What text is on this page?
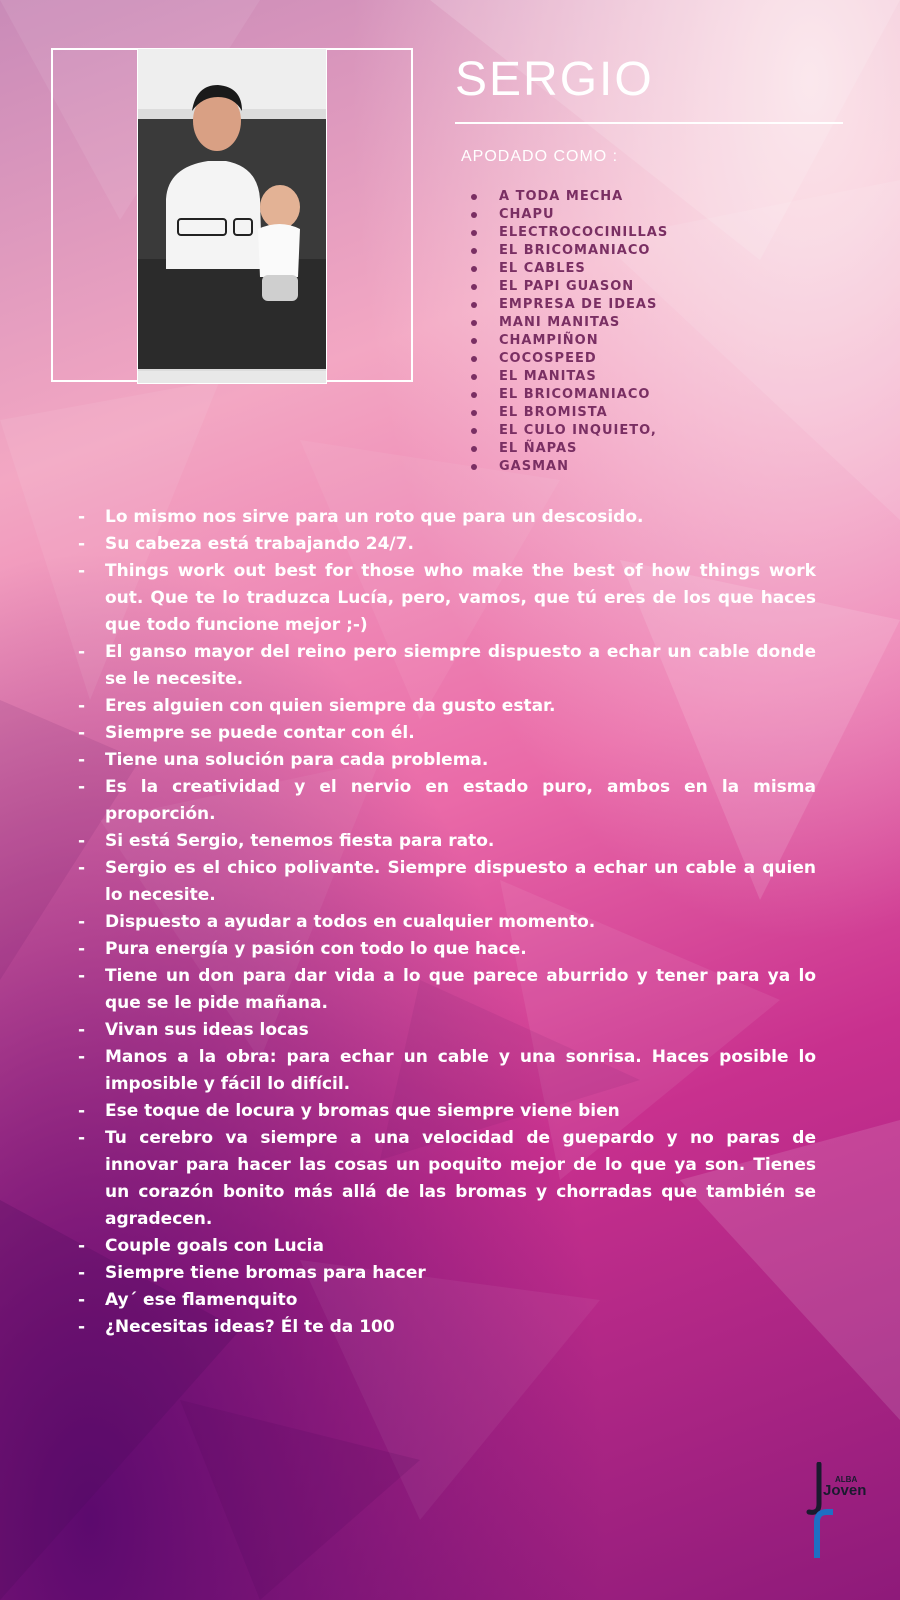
SERGIO
APODADO COMO :
A TODA MECHA
CHAPU
ELECTROCOCINILLAS
EL BRICOMANIACO
EL CABLES
EL PAPI GUASON
EMPRESA DE IDEAS
MANI MANITAS
CHAMPIÑON
COCOSPEED
EL MANITAS
EL BRICOMANIACO
EL BROMISTA
EL CULO INQUIETO,
EL ÑAPAS
GASMAN
- Lo mismo nos sirve para un roto que para un descosido.
- Su cabeza está trabajando 24/7.
- Things work out best for those who make the best of how things work out. Que te lo traduzca Lucía, pero, vamos, que tú eres de los que haces que todo funcione mejor ;-)
- El ganso mayor del reino pero siempre dispuesto a echar un cable donde se le necesite.
- Eres alguien con quien siempre da gusto estar.
- Siempre se puede contar con él.
- Tiene una solución para cada problema.
- Es la creatividad y el nervio en estado puro, ambos en la misma proporción.
- Si está Sergio, tenemos fiesta para rato.
- Sergio es el chico polivante. Siempre dispuesto a echar un cable a quien lo necesite.
- Dispuesto a ayudar a todos en cualquier momento.
- Pura energía y pasión con todo lo que hace.
- Tiene un don para dar vida a lo que parece aburrido y tener para ya lo que se le pide mañana.
- Vivan sus ideas locas
- Manos a la obra: para echar un cable y una sonrisa. Haces posible lo imposible y fácil lo difícil.
- Ese toque de locura y bromas que siempre viene bien
- Tu cerebro va siempre a una velocidad de guepardo y no paras de innovar para hacer las cosas un poquito mejor de lo que ya son. Tienes un corazón bonito más allá de las bromas y chorradas que también se agradecen.
- Couple goals con Lucia
- Siempre tiene bromas para hacer
- Ay´ ese flamenquito
- ¿Necesitas ideas? Él te da 100
ALBA
Joven
